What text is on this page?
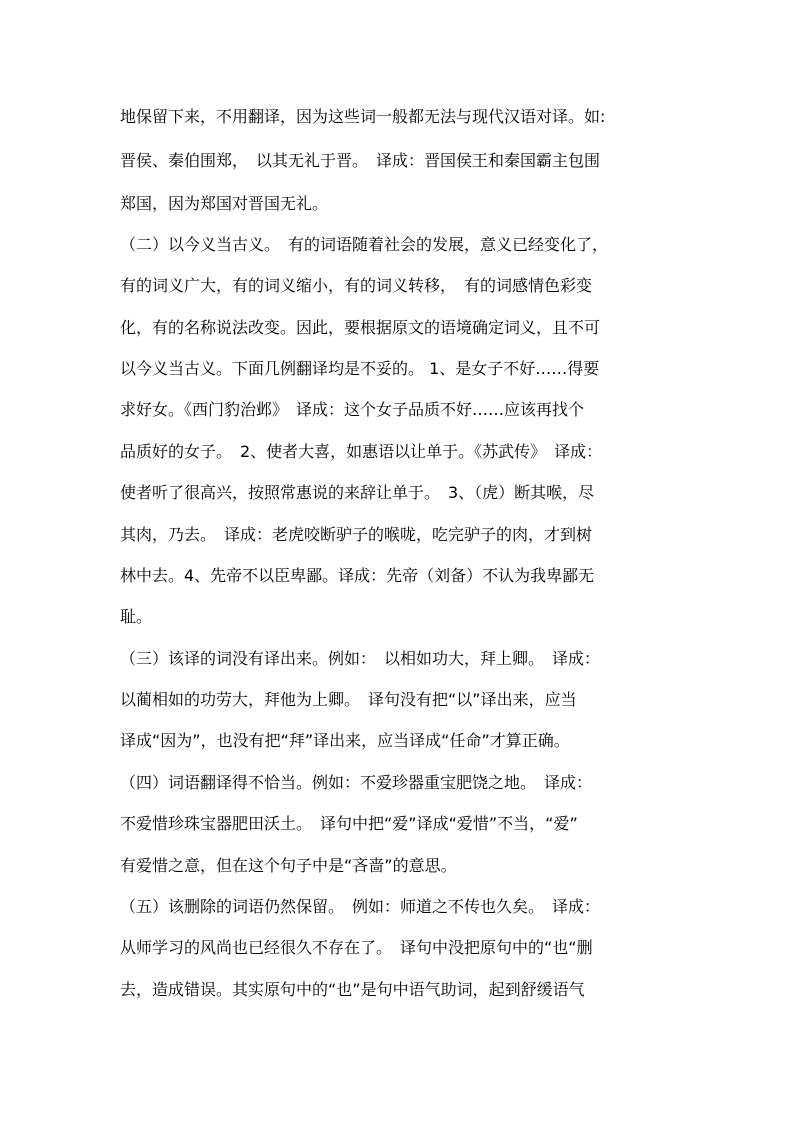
地保留下来，不用翻译，因为这些词一般都无法与现代汉语对译。如:
晋侯、秦伯围郑，　以其无礼于晋。　译成：晋国侯王和秦国霸主包围
郑国，因为郑国对晋国无礼。
（二）以今义当古义。　有的词语随着社会的发展，意义已经变化了，
有的词义广大，有的词义缩小，有的词义转移，　有的词感情色彩变
化，有的名称说法改变。因此，要根据原文的语境确定词义，且不可
以今义当古义。下面几例翻译均是不妥的。 1、是女子不好……得要
求好女。《西门豹治邺》　译成：这个女子品质不好……应该再找个
品质好的女子。　2、使者大喜，如惠语以让单于。《苏武传》　译成：
使者听了很高兴，按照常惠说的来辞让单于。　3、（虎）断其喉，尽
其肉，乃去。　译成：老虎咬断驴子的喉咙，吃完驴子的肉，才到树
林中去。4、先帝不以臣卑鄙。译成：先帝（刘备）不认为我卑鄙无
耻。
（三）该译的词没有译出来。例如：　以相如功大，拜上卿。　译成：
以蔺相如的功劳大，拜他为上卿。　译句没有把“以”译出来，应当
译成“因为”，也没有把“拜”译出来，应当译成“任命”才算正确。
（四）词语翻译得不恰当。例如：不爱珍器重宝肥饶之地。　译成：
不爱惜珍珠宝器肥田沃土。　译句中把“爱”译成“爱惜”不当，“爱”
有爱惜之意，但在这个句子中是“吝啬”的意思。
（五）该删除的词语仍然保留。　例如：师道之不传也久矣。　译成：
从师学习的风尚也已经很久不存在了。　译句中没把原句中的“也“删
去，造成错误。其实原句中的“也”是句中语气助词，起到舒缓语气
